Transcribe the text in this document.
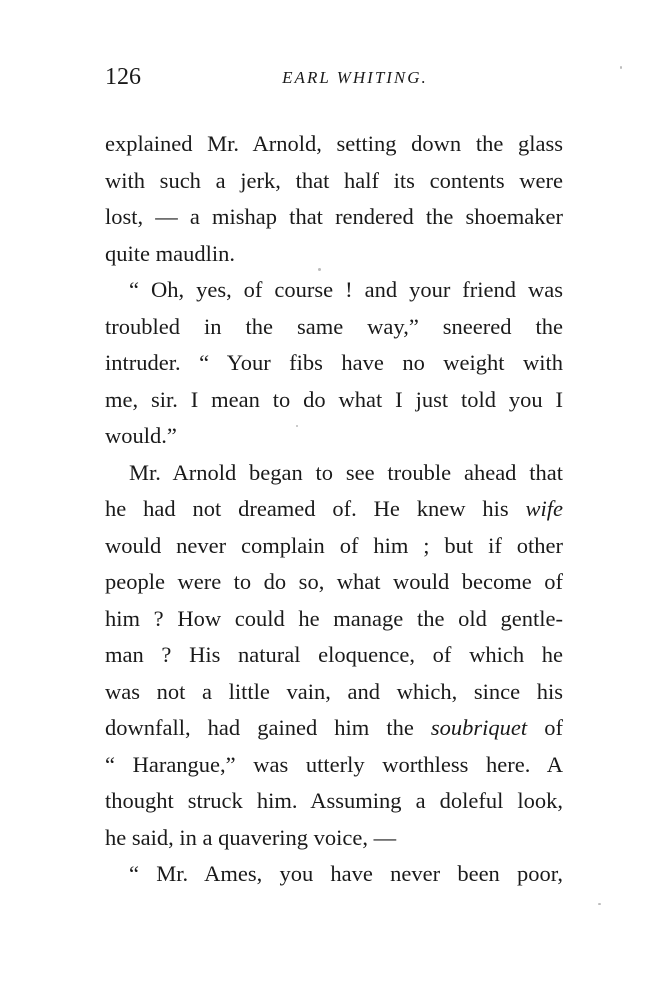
126	EARL WHITING.

explained Mr. Arnold, setting down the glass
with such a jerk, that half its contents were
lost, — a mishap that rendered the shoemaker
quite maudlin.

“ Oh, yes, of course ! and your friend was
troubled in the same way,” sneered the
intruder. “ Your fibs have no weight with
me, sir. I mean to do what I just told you I
would.”

Mr. Arnold began to see trouble ahead that
he had not dreamed of. He knew his wife
would never complain of him ; but if other
people were to do so, what would become of
him ? How could he manage the old gentle-
man ? His natural eloquence, of which he
was not a little vain, and which, since his
downfall, had gained him the soubriquet of
“ Harangue,” was utterly worthless here. A
thought struck him. Assuming a doleful look,
he said, in a quavering voice, —

“ Mr. Ames, you have never been poor,
